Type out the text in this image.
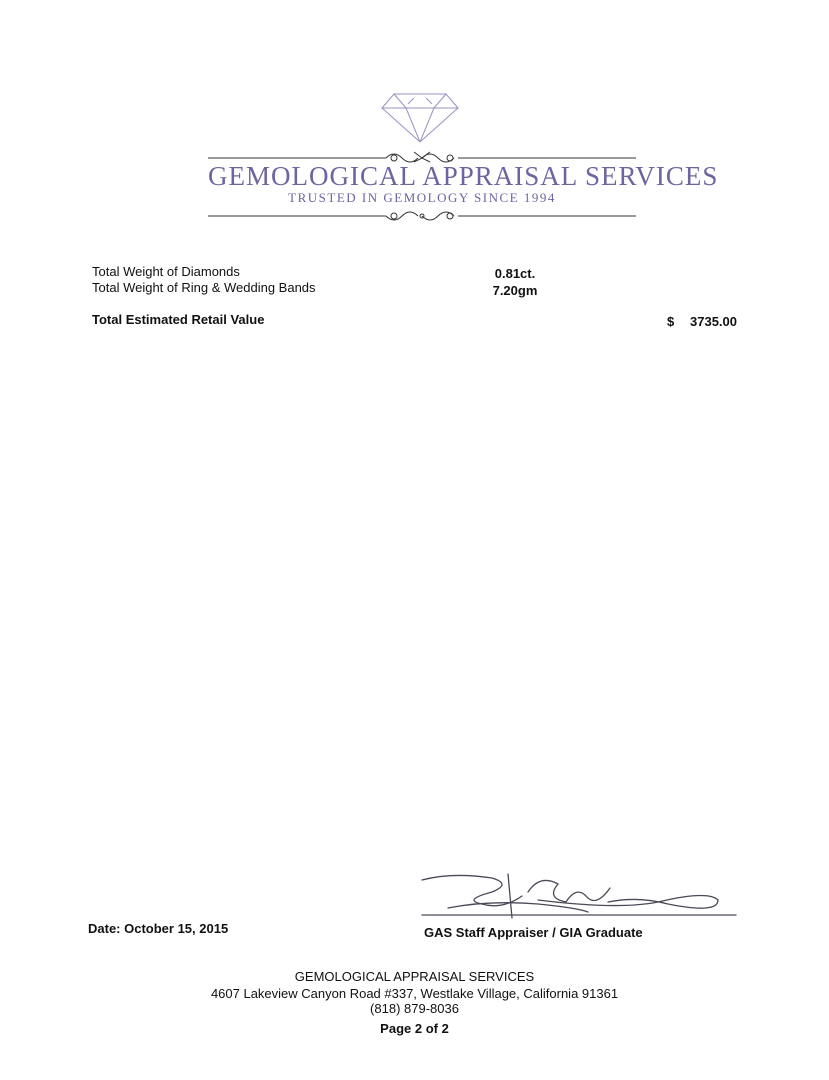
GEMOLOGICAL APPRAISAL SERVICES
TRUSTED IN GEMOLOGY SINCE 1994
Total Weight of Diamonds	0.81ct.
Total Weight of Ring & Wedding Bands	7.20gm
Total Estimated Retail Value	$ 3735.00
Date: October 15, 2015	GAS Staff Appraiser / GIA Graduate
GEMOLOGICAL APPRAISAL SERVICES
4607 Lakeview Canyon Road #337, Westlake Village, California 91361
(818) 879-8036
Page 2 of 2
